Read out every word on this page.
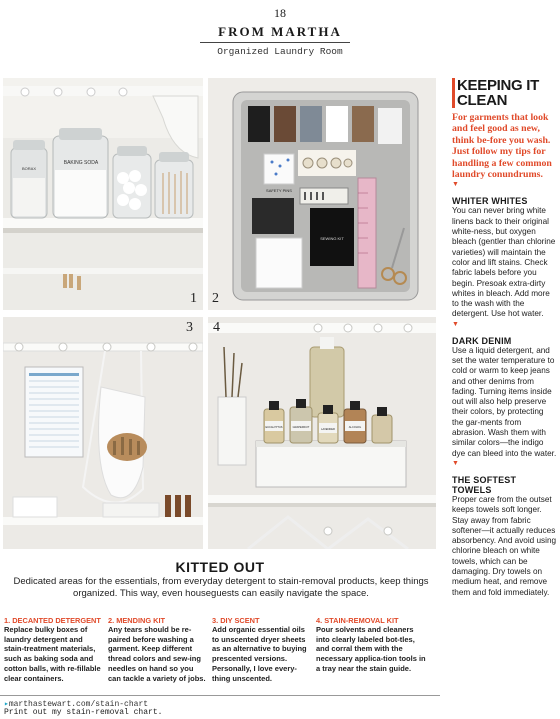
18
FROM MARTHA
Organized Laundry Room
BORAX
BAKING SODA
1
SAFETY PINS
SEWING KIT
2
3
EUCALYPTUS	GRAPEFRUIT
LAVENDER
ALCOHOL
4
KEEPING IT
CLEAN
For garments that look and feel good as new, think be-fore you wash. Just follow my tips for handling a few common laundry conundrums.
▼
WHITER WHITES
You can never bring white linens back to their original white-ness, but oxygen bleach (gentler than chlorine varieties) will maintain the color and lift stains. Check fabric labels before you begin. Presoak extra-dirty whites in bleach. Add more to the wash with the detergent. Use hot water.
▼
DARK DENIM
Use a liquid detergent, and set the water temperature to cold or warm to keep jeans and other denims from fading. Turning items inside out will also help preserve their colors, by protecting the gar-ments from abrasion. Wash them with similar colors—the indigo dye can bleed into the water.
▼
THE SOFTEST TOWELS
Proper care from the outset keeps towels soft longer. Stay away from fabric softener—it actually reduces absorbency. And avoid using chlorine bleach on white towels, which can be damaging. Dry towels on medium heat, and remove them and fold immediately.
KITTED OUT
Dedicated areas for the essentials, from everyday detergent to stain-removal products, keep things organized. This way, even houseguests can easily navigate the space.
1. DECANTED DETERGENT
Replace bulky boxes of laundry detergent and stain-treatment materials, such as baking soda and cotton balls, with re-fillable clear containers.
2. MENDING KIT
Any tears should be re-paired before washing a garment. Keep different thread colors and sew-ing needles on hand so you can tackle a variety of jobs.
3. DIY SCENT
Add organic essential oils to unscented dryer sheets as an alternative to buying prescented versions. Personally, I love every-thing unscented.
4. STAIN-REMOVAL KIT
Pour solvents and cleaners into clearly labeled bot-tles, and corral them with the necessary applica-tion tools in a tray near the stain guide.
▸marthastewart.com/stain-chart
Print out my stain-removal chart.
